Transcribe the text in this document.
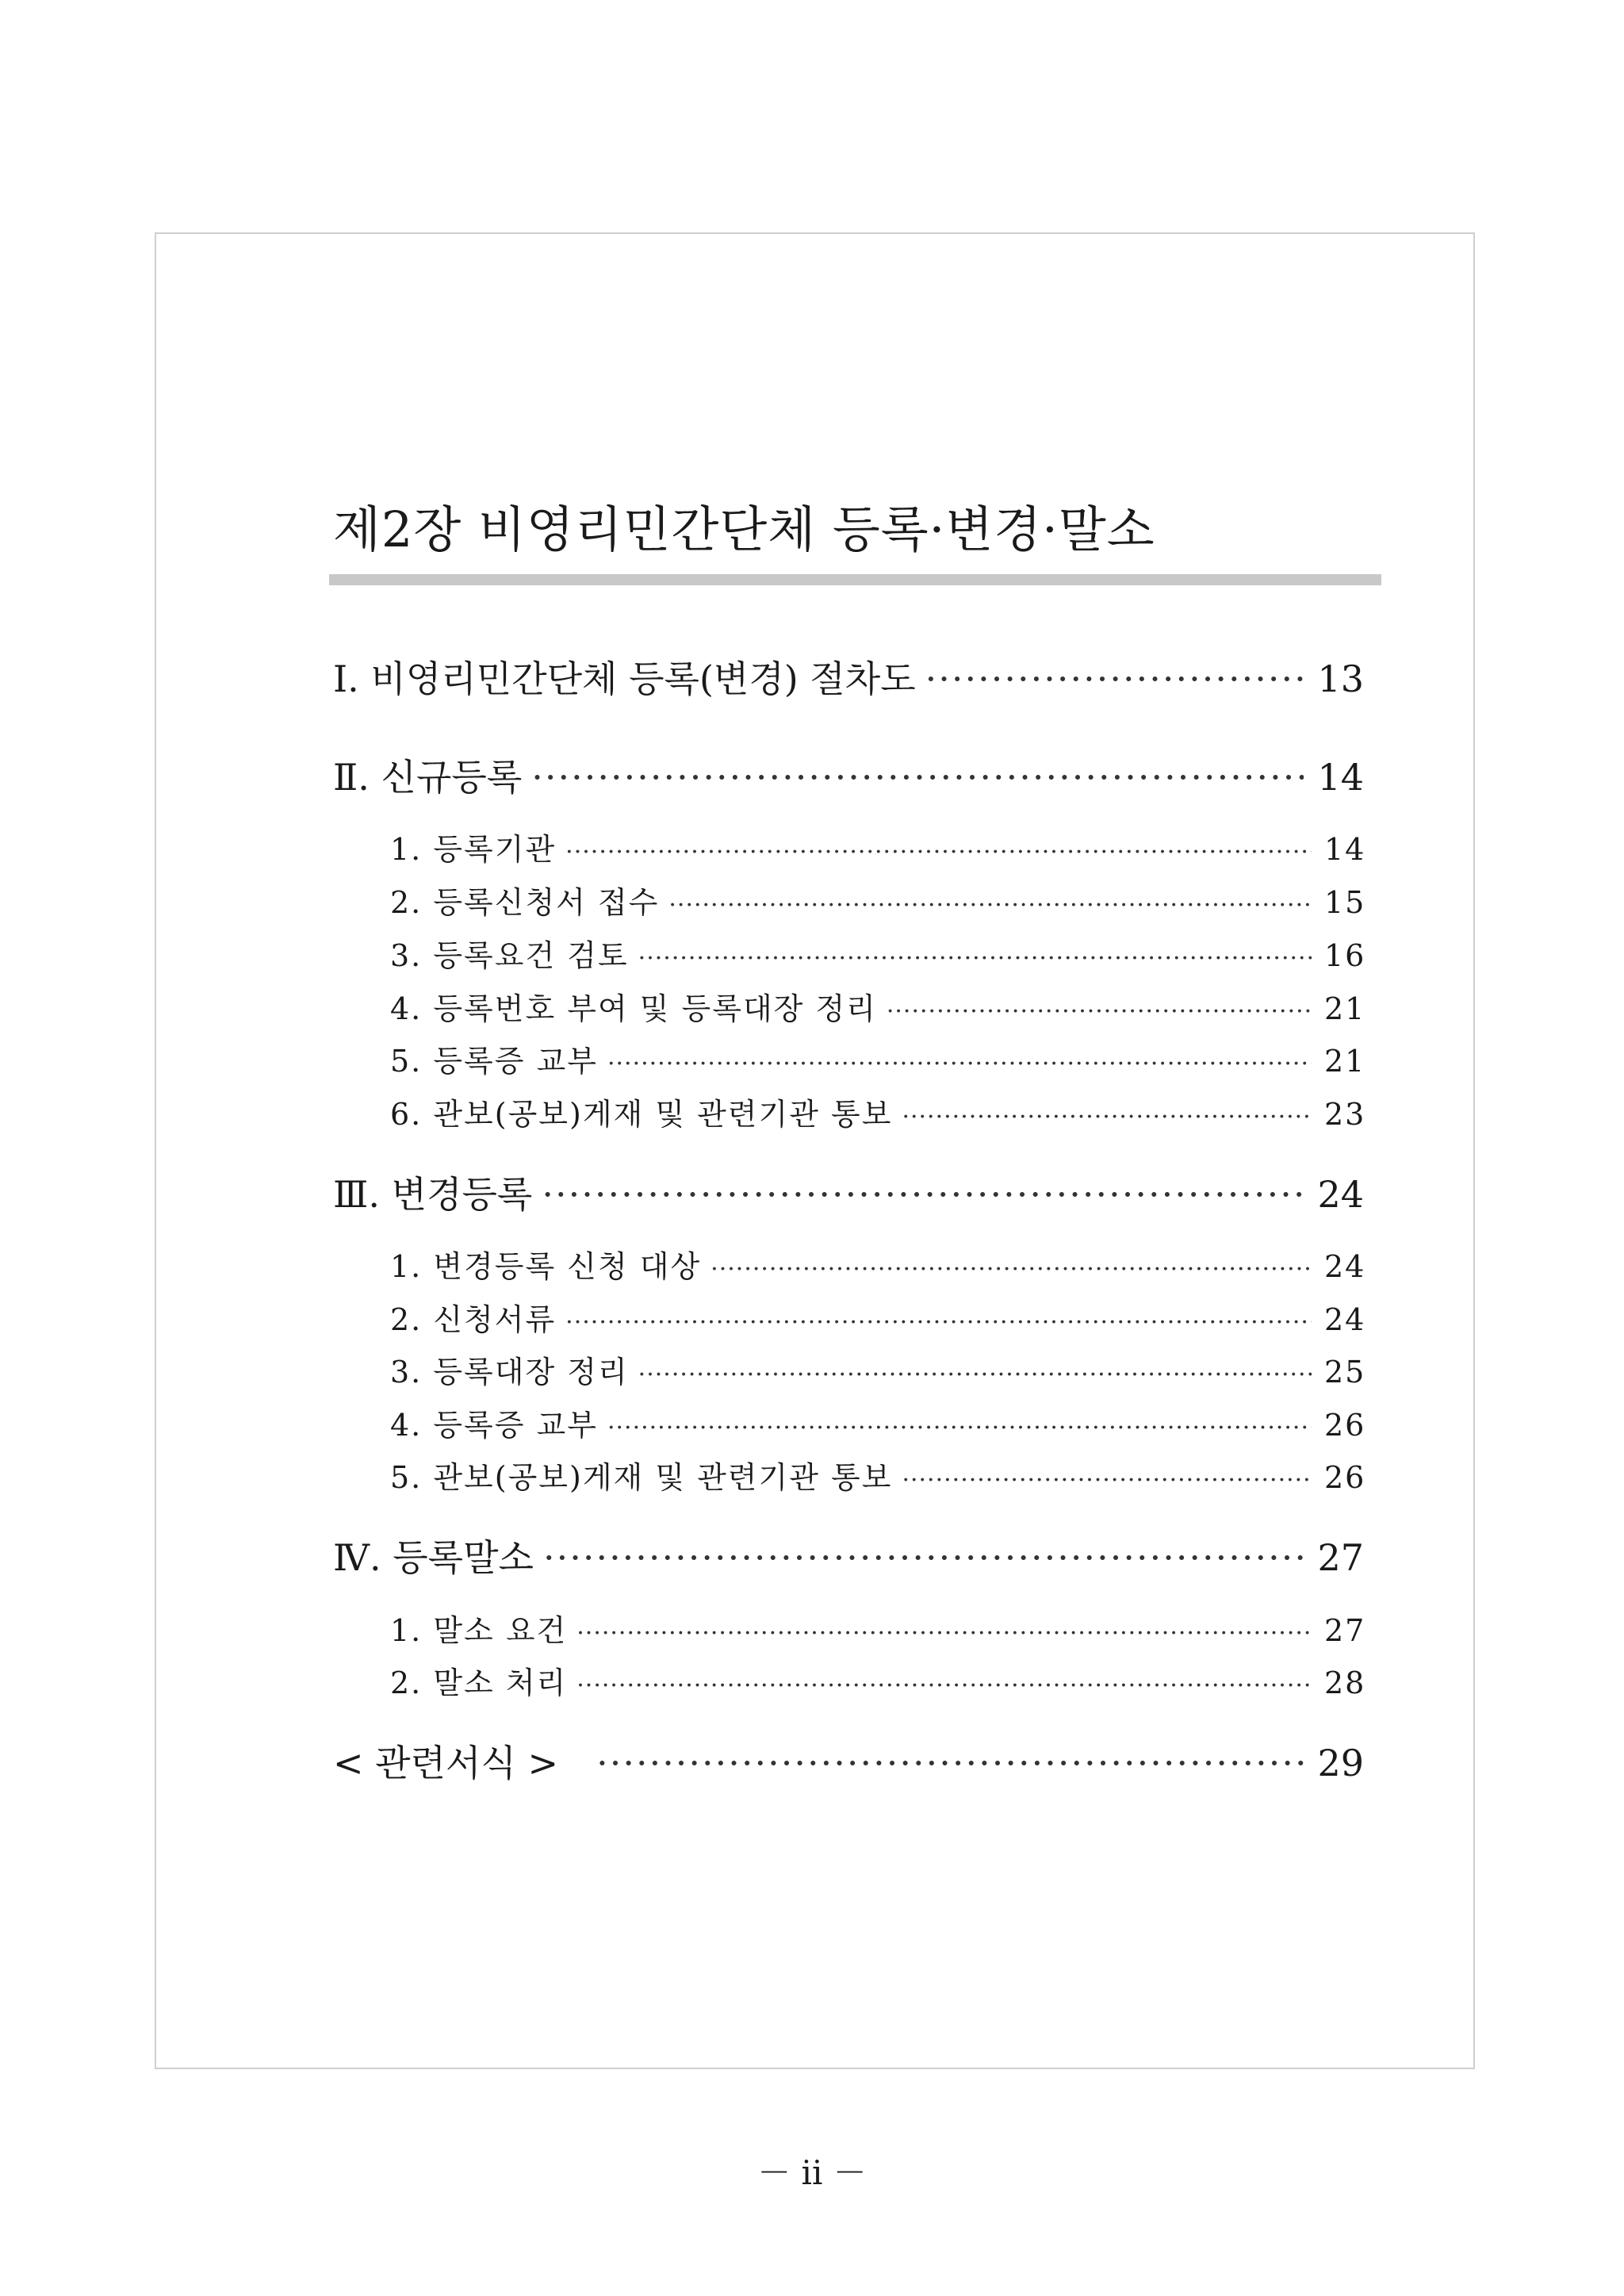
제2장 비영리민간단체 등록·변경·말소
Ⅰ. 비영리민간단체 등록(변경) 절차도 ·····	13
Ⅱ. 신규등록 ·····	14
1. 등록기관 ·····	14
2. 등록신청서 접수 ·····	15
3. 등록요건 검토 ·····	16
4. 등록번호 부여 및 등록대장 정리 ·····	21
5. 등록증 교부 ·····	21
6. 관보(공보)게재 및 관련기관 통보 ·····	23
Ⅲ. 변경등록 ·····	24
1. 변경등록 신청 대상 ·····	24
2. 신청서류 ·····	24
3. 등록대장 정리 ·····	25
4. 등록증 교부 ·····	26
5. 관보(공보)게재 및 관련기관 통보 ·····	26
Ⅳ. 등록말소 ·····	27
1. 말소 요건 ·····	27
2. 말소 처리 ·····	28
< 관련서식 > ·····	29
－ ii －
